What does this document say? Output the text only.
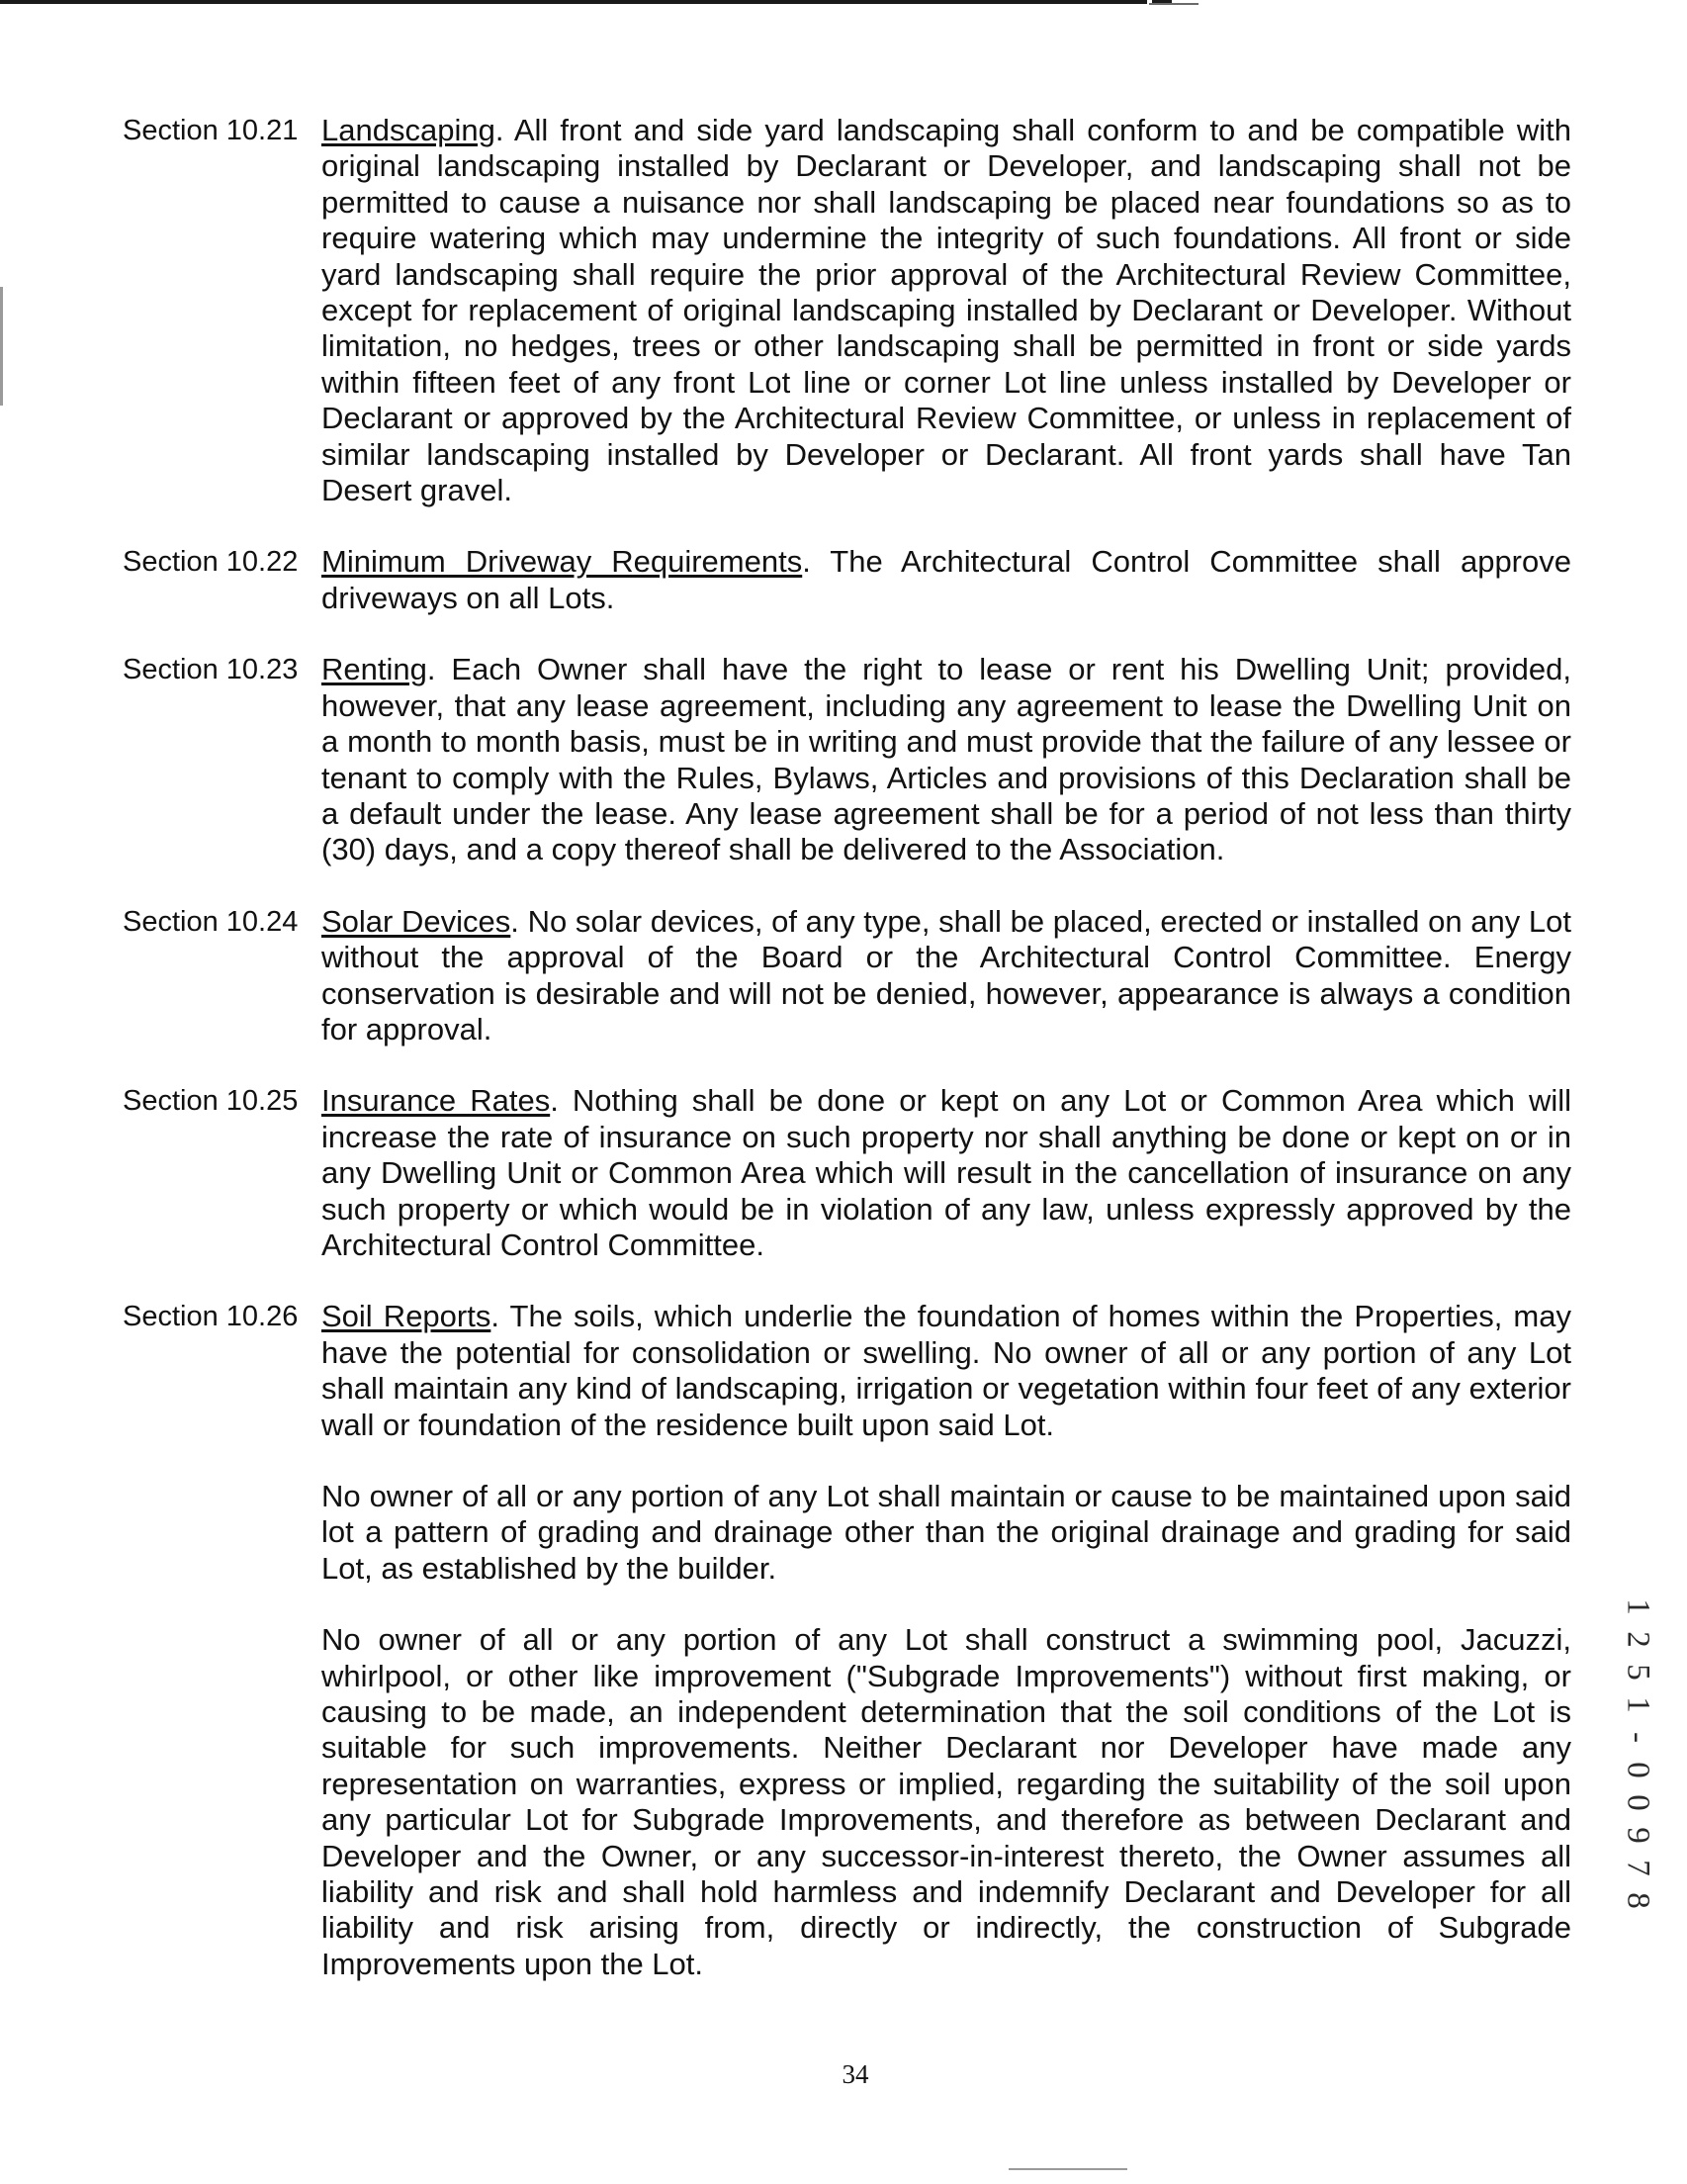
Section 10.21 Landscaping. All front and side yard landscaping shall conform to and be compatible with original landscaping installed by Declarant or Developer, and landscaping shall not be permitted to cause a nuisance nor shall landscaping be placed near foundations so as to require watering which may undermine the integrity of such foundations. All front or side yard landscaping shall require the prior approval of the Architectural Review Committee, except for replacement of original landscaping installed by Declarant or Developer. Without limitation, no hedges, trees or other landscaping shall be permitted in front or side yards within fifteen feet of any front Lot line or corner Lot line unless installed by Developer or Declarant or approved by the Architectural Review Committee, or unless in replacement of similar landscaping installed by Developer or Declarant. All front yards shall have Tan Desert gravel.

Section 10.22 Minimum Driveway Requirements. The Architectural Control Committee shall approve driveways on all Lots.

Section 10.23 Renting. Each Owner shall have the right to lease or rent his Dwelling Unit; provided, however, that any lease agreement, including any agreement to lease the Dwelling Unit on a month to month basis, must be in writing and must provide that the failure of any lessee or tenant to comply with the Rules, Bylaws, Articles and provisions of this Declaration shall be a default under the lease. Any lease agreement shall be for a period of not less than thirty (30) days, and a copy thereof shall be delivered to the Association.

Section 10.24 Solar Devices. No solar devices, of any type, shall be placed, erected or installed on any Lot without the approval of the Board or the Architectural Control Committee. Energy conservation is desirable and will not be denied, however, appearance is always a condition for approval.

Section 10.25 Insurance Rates. Nothing shall be done or kept on any Lot or Common Area which will increase the rate of insurance on such property nor shall anything be done or kept on or in any Dwelling Unit or Common Area which will result in the cancellation of insurance on any such property or which would be in violation of any law, unless expressly approved by the Architectural Control Committee.

Section 10.26 Soil Reports. The soils, which underlie the foundation of homes within the Properties, may have the potential for consolidation or swelling. No owner of all or any portion of any Lot shall maintain any kind of landscaping, irrigation or vegetation within four feet of any exterior wall or foundation of the residence built upon said Lot.

No owner of all or any portion of any Lot shall maintain or cause to be maintained upon said lot a pattern of grading and drainage other than the original drainage and grading for said Lot, as established by the builder.

No owner of all or any portion of any Lot shall construct a swimming pool, Jacuzzi, whirlpool, or other like improvement ("Subgrade Improvements") without first making, or causing to be made, an independent determination that the soil conditions of the Lot is suitable for such improvements. Neither Declarant nor Developer have made any representation on warranties, express or implied, regarding the suitability of the soil upon any particular Lot for Subgrade Improvements, and therefore as between Declarant and Developer and the Owner, or any successor-in-interest thereto, the Owner assumes all liability and risk and shall hold harmless and indemnify Declarant and Developer for all liability and risk arising from, directly or indirectly, the construction of Subgrade Improvements upon the Lot.

34
1
2
5
1
-
0
0
9
7
8
